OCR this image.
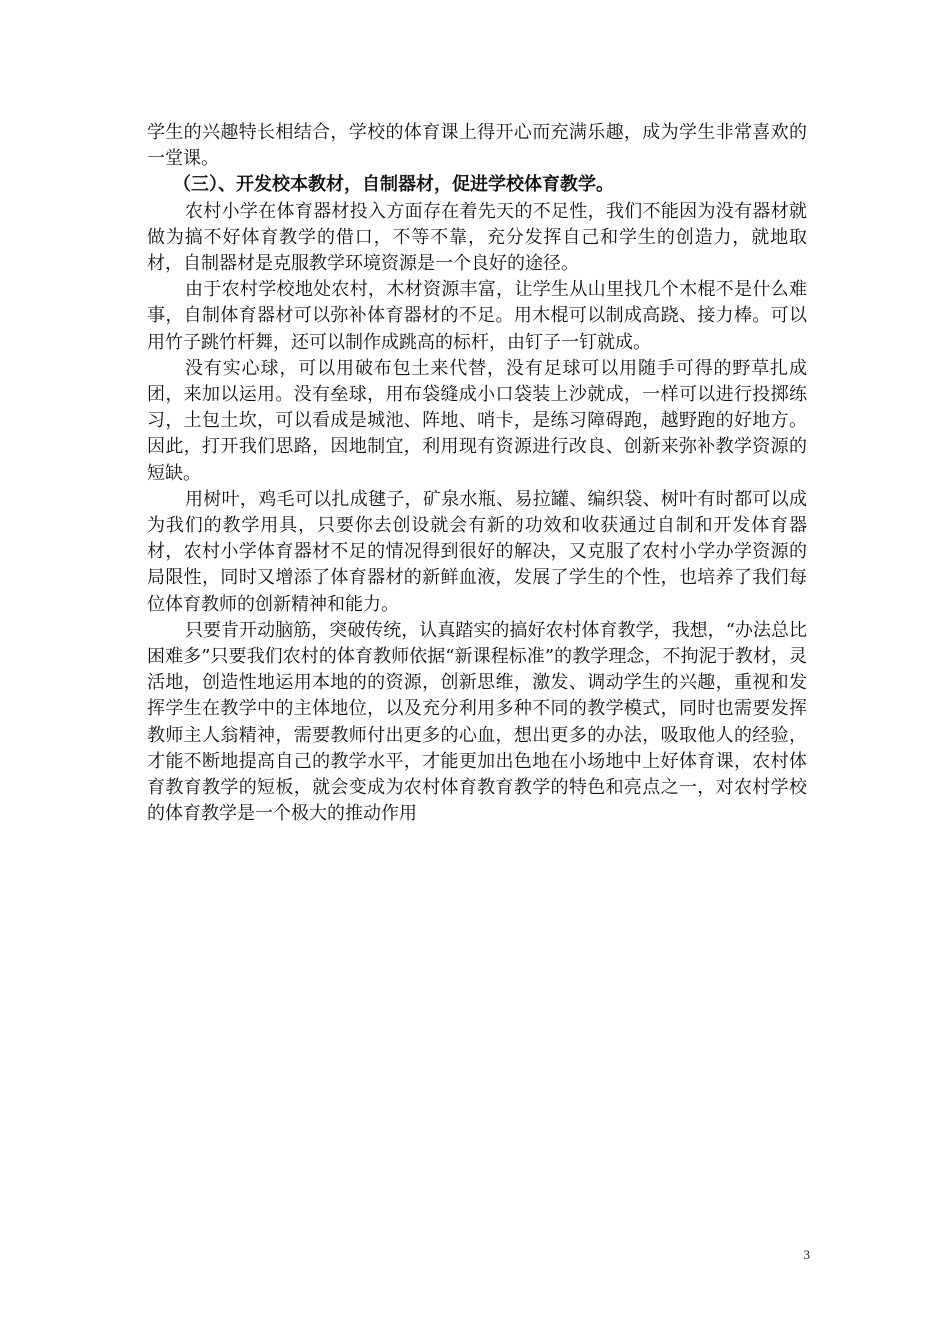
学生的兴趣特长相结合，学校的体育课上得开心而充满乐趣，成为学生非常喜欢的一堂课。

（三）、开发校本教材，自制器材，促进学校体育教学。

农村小学在体育器材投入方面存在着先天的不足性，我们不能因为没有器材就做为搞不好体育教学的借口，不等不靠，充分发挥自己和学生的创造力，就地取材，自制器材是克服教学环境资源是一个良好的途径。

由于农村学校地处农村，木材资源丰富，让学生从山里找几个木棍不是什么难事，自制体育器材可以弥补体育器材的不足。用木棍可以制成高跷、接力棒。可以用竹子跳竹杆舞，还可以制作成跳高的标杆，由钉子一钉就成。

没有实心球，可以用破布包土来代替，没有足球可以用随手可得的野草扎成团，来加以运用。没有垒球，用布袋缝成小口袋装上沙就成，一样可以进行投掷练习，土包土坎，可以看成是城池、阵地、哨卡，是练习障碍跑，越野跑的好地方。因此，打开我们思路，因地制宜，利用现有资源进行改良、创新来弥补教学资源的短缺。

用树叶，鸡毛可以扎成毽子，矿泉水瓶、易拉罐、编织袋、树叶有时都可以成为我们的教学用具，只要你去创设就会有新的功效和收获通过自制和开发体育器材，农村小学体育器材不足的情况得到很好的解决，又克服了农村小学办学资源的局限性，同时又增添了体育器材的新鲜血液，发展了学生的个性，也培养了我们每位体育教师的创新精神和能力。

只要肯开动脑筋，突破传统，认真踏实的搞好农村体育教学，我想，“办法总比困难多”只要我们农村的体育教师依据“新课程标准”的教学理念，不拘泥于教材，灵活地，创造性地运用本地的的资源，创新思维，激发、调动学生的兴趣，重视和发挥学生在教学中的主体地位，以及充分利用多种不同的教学模式，同时也需要发挥教师主人翁精神，需要教师付出更多的心血，想出更多的办法，吸取他人的经验，才能不断地提高自己的教学水平，才能更加出色地在小场地中上好体育课，农村体育教育教学的短板，就会变成为农村体育教育教学的特色和亮点之一，对农村学校的体育教学是一个极大的推动作用

3
